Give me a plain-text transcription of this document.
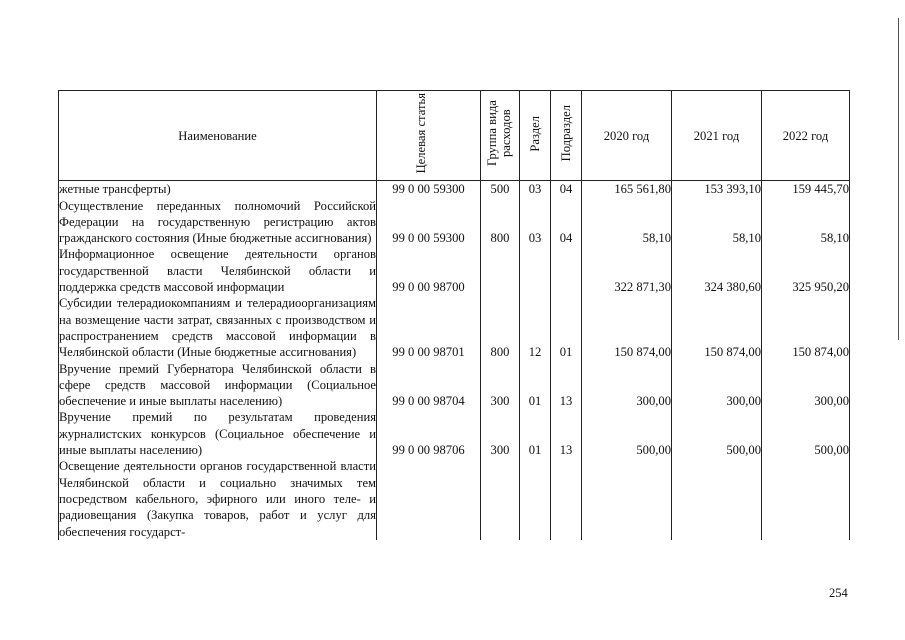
Наименование	Целевая статья	Группа вида расходов	Раздел	Подраздел	2020 год	2021 год	2022 год
жетные трансферты)	99 0 00 59300	500	03	04	165 561,80	153 393,10	159 445,70
Осуществление переданных полномочий Российской Федерации на государственную регистрацию актов гражданского состояния (Иные бюджетные ассигнования)	99 0 00 59300	800	03	04	58,10	58,10	58,10
Информационное освещение деятельности органов государственной власти Челябинской области и поддержка средств массовой информации	99 0 00 98700				322 871,30	324 380,60	325 950,20
Субсидии телерадиокомпаниям и телерадиоорганизациям на возмещение части затрат, связанных с производством и распространением средств массовой информации в Челябинской области (Иные бюджетные ассигнования)	99 0 00 98701	800	12	01	150 874,00	150 874,00	150 874,00
Вручение премий Губернатора Челябинской области в сфере средств массовой информации (Социальное обеспечение и иные выплаты населению)	99 0 00 98704	300	01	13	300,00	300,00	300,00
Вручение премий по результатам проведения журналистских конкурсов (Социальное обеспечение и иные выплаты населению)	99 0 00 98706	300	01	13	500,00	500,00	500,00
Освещение деятельности органов государственной власти Челябинской области и социально значимых тем посредством кабельного, эфирного или иного теле- и радиовещания (Закупка товаров, работ и услуг для обеспечения государст-							
254
